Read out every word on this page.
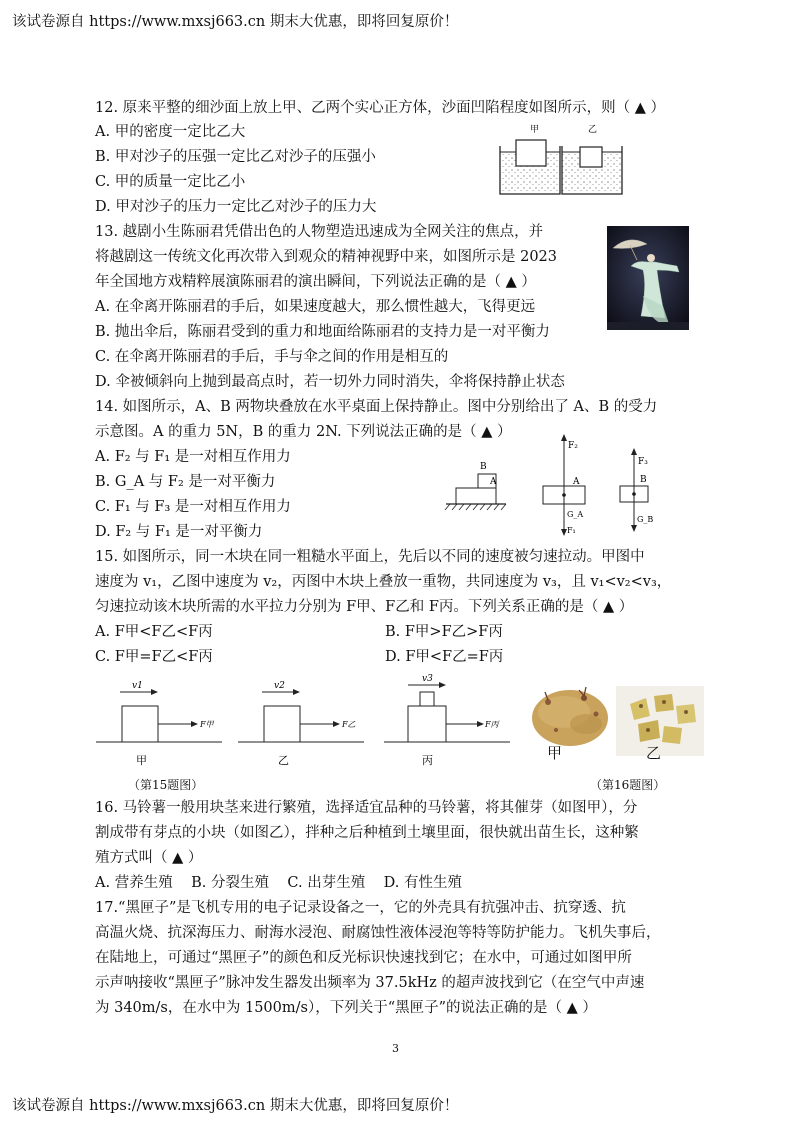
该试卷源自 https://www.mxsj663.cn 期末大优惠，即将回复原价！
12. 原来平整的细沙面上放上甲、乙两个实心正方体，沙面凹陷程度如图所示，则（ ▲ ）
A. 甲的密度一定比乙大
B. 甲对沙子的压强一定比乙对沙子的压强小
C. 甲的质量一定比乙小
D. 甲对沙子的压力一定比乙对沙子的压力大
甲	乙
13. 越剧小生陈丽君凭借出色的人物塑造迅速成为全网关注的焦点，并
将越剧这一传统文化再次带入到观众的精神视野中来，如图所示是 2023
年全国地方戏精粹展演陈丽君的演出瞬间，下列说法正确的是（ ▲ ）
A. 在伞离开陈丽君的手后，如果速度越大，那么惯性越大，飞得更远
B. 抛出伞后，陈丽君受到的重力和地面给陈丽君的支持力是一对平衡力
C. 在伞离开陈丽君的手后，手与伞之间的作用是相互的
D. 伞被倾斜向上抛到最高点时，若一切外力同时消失，伞将保持静止状态
14. 如图所示，A、B 两物块叠放在水平桌面上保持静止。图中分别给出了 A、B 的受力
示意图。A 的重力 5N，B 的重力 2N. 下列说法正确的是（ ▲ ）
A. F₂ 与 F₁ 是一对相互作用力
B. G_A 与 F₂ 是一对平衡力
C. F₁ 与 F₃ 是一对相互作用力
D. F₂ 与 F₁ 是一对平衡力
B
A
F₂
A
G_A
F₁
F₃
B
G_B
15. 如图所示，同一木块在同一粗糙水平面上，先后以不同的速度被匀速拉动。甲图中
速度为 v₁，乙图中速度为 v₂，丙图中木块上叠放一重物，共同速度为 v₃，且 v₁<v₂<v₃，
匀速拉动该木块所需的水平拉力分别为 F甲、F乙和 F丙。下列关系正确的是（ ▲ ）
A. F甲<F乙<F丙	B. F甲>F乙>F丙
C. F甲=F乙<F丙	D. F甲<F乙=F丙
v1
F甲
甲
v2
F乙
乙
v3
F丙
丙	甲	乙
（第15题图）	（第16题图）
16. 马铃薯一般用块茎来进行繁殖，选择适宜品种的马铃薯，将其催芽（如图甲），分
割成带有芽点的小块（如图乙），拌种之后种植到土壤里面，很快就出苗生长，这种繁
殖方式叫（ ▲ ）
A. 营养生殖    B. 分裂生殖    C. 出芽生殖    D. 有性生殖
17.“黑匣子”是飞机专用的电子记录设备之一，它的外壳具有抗强冲击、抗穿透、抗
高温火烧、抗深海压力、耐海水浸泡、耐腐蚀性液体浸泡等特等防护能力。飞机失事后，
在陆地上，可通过“黑匣子”的颜色和反光标识快速找到它；在水中，可通过如图甲所
示声呐接收“黑匣子”脉冲发生器发出频率为 37.5kHz 的超声波找到它（在空气中声速
为 340m/s，在水中为 1500m/s），下列关于“黑匣子”的说法正确的是（ ▲ ）
3
该试卷源自 https://www.mxsj663.cn 期末大优惠，即将回复原价！
